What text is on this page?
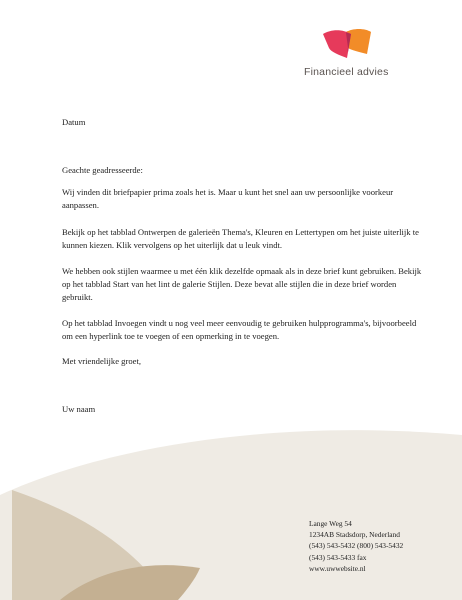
Financieel advies
Datum
Geachte geadresseerde:
Wij vinden dit briefpapier prima zoals het is. Maar u kunt het snel aan uw persoonlijke voorkeur aanpassen.
Bekijk op het tabblad Ontwerpen de galerieën Thema's, Kleuren en Lettertypen om het juiste uiterlijk te kunnen kiezen. Klik vervolgens op het uiterlijk dat u leuk vindt.
We hebben ook stijlen waarmee u met één klik dezelfde opmaak als in deze brief kunt gebruiken. Bekijk op het tabblad Start van het lint de galerie Stijlen. Deze bevat alle stijlen die in deze brief worden gebruikt.
Op het tabblad Invoegen vindt u nog veel meer eenvoudig te gebruiken hulpprogramma's, bijvoorbeeld om een hyperlink toe te voegen of een opmerking in te voegen.
Met vriendelijke groet,
Uw naam
Lange Weg 54
1234AB Stadsdorp, Nederland
(543) 543-5432 (800) 543-5432
(543) 543-5433 fax
www.uwwebsite.nl
